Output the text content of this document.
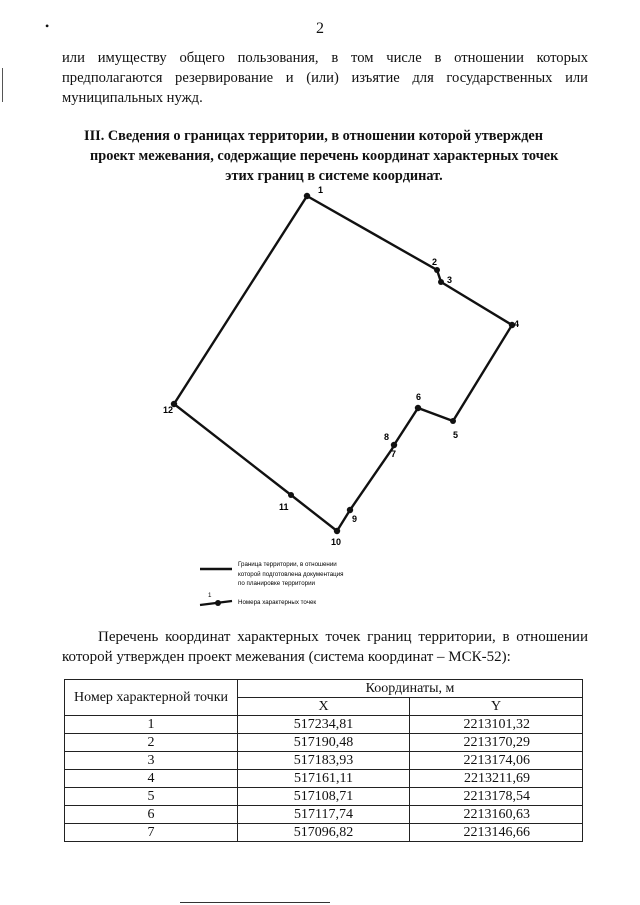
2
•

или имуществу общего пользования, в том числе в отношении которых предполагаются резервирование и (или) изъятие для государственных или муниципальных нужд.

III. Сведения о границах территории, в отношении которой утвержден
проект межевания, содержащие перечень координат характерных точек
этих границ в системе координат.
1
2
3
4
5
6
7
8
9
10
11
12
Граница территории, в отношении
которой подготовлена документация
по планировке территории
1
Номера характерных точек

Перечень координат характерных точек границ территории, в отношении которой утвержден проект межевания (система координат – МСК-52):

Номер характерной точки	Координаты, м	
	X	Y
1	517234,81	2213101,32
2	517190,48	2213170,29
3	517183,93	2213174,06
4	517161,11	2213211,69
5	517108,71	2213178,54
6	517117,74	2213160,63
7	517096,82	2213146,66
